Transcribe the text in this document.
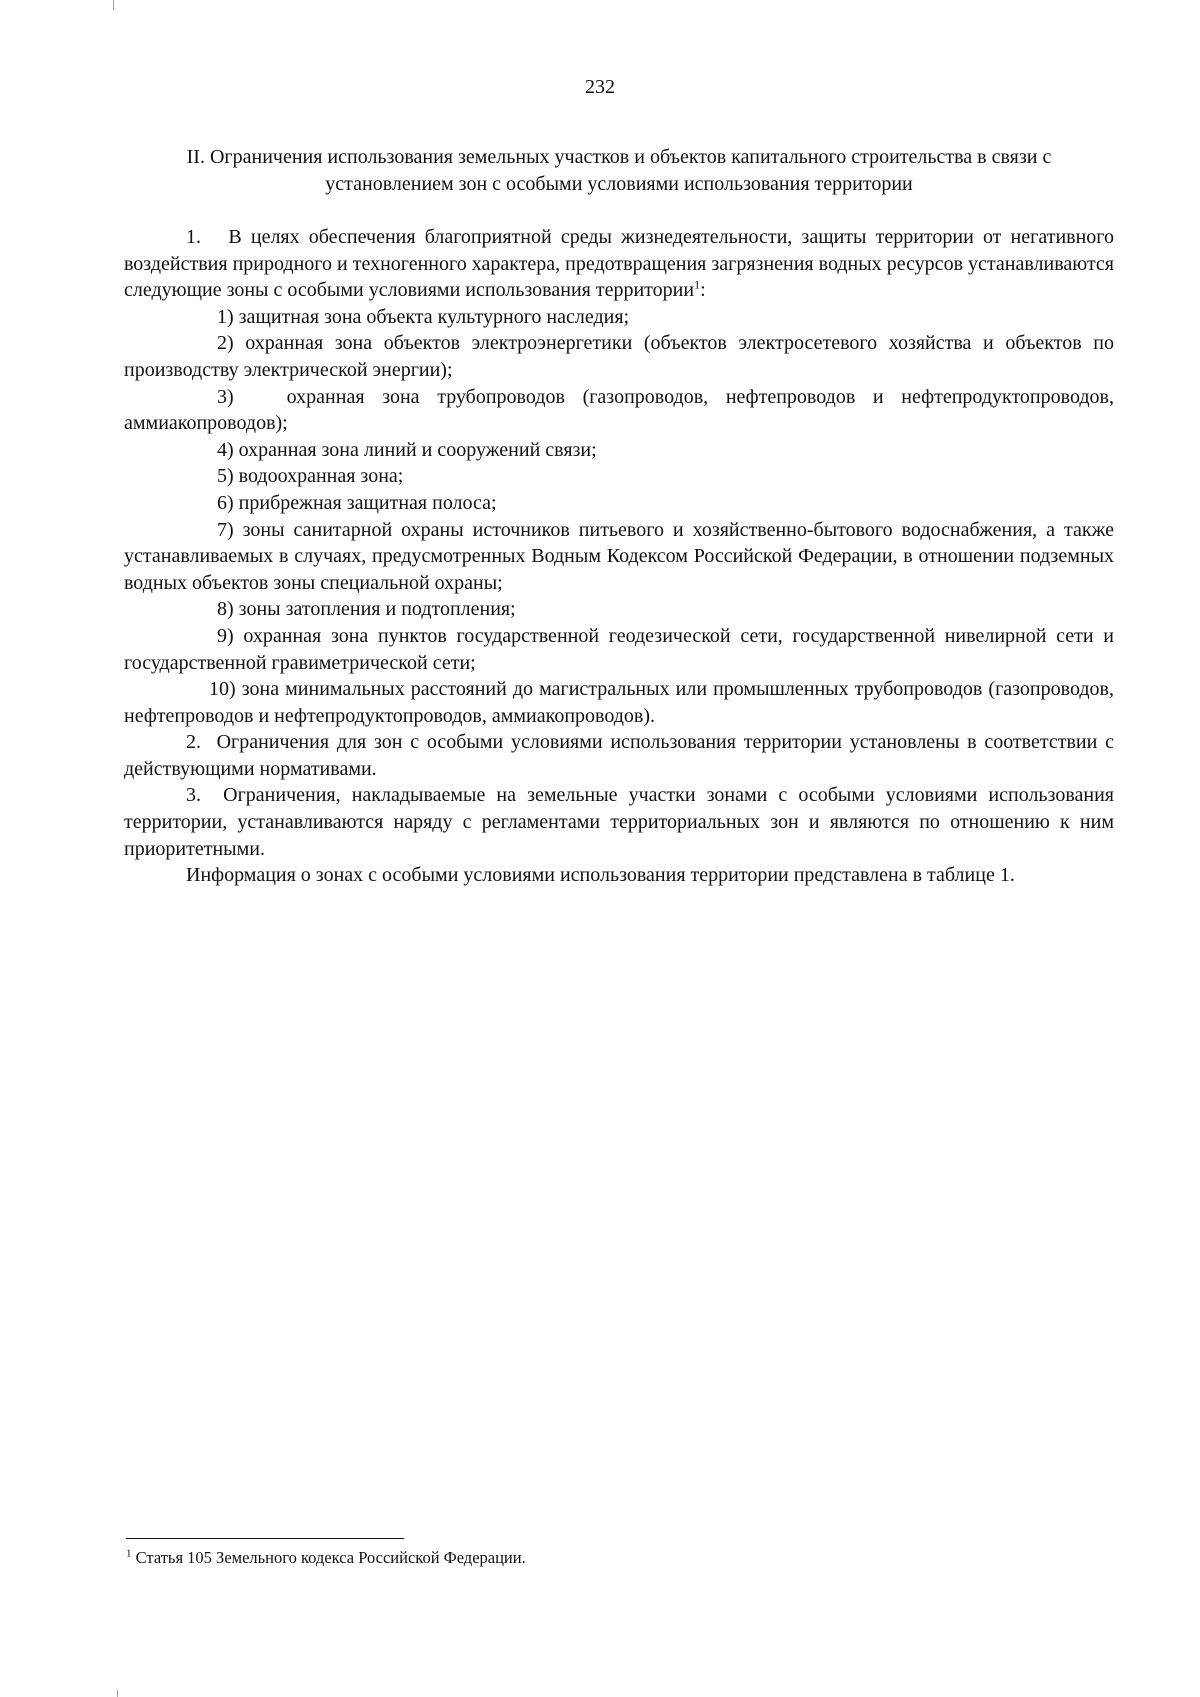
232
II. Ограничения использования земельных участков и объектов капитального строительства в связи с установлением зон с особыми условиями использования территории

1.   В целях обеспечения благоприятной среды жизнедеятельности, защиты территории от негативного воздействия природного и техногенного характера, предотвращения загрязнения водных ресурсов устанавливаются следующие зоны с особыми условиями использования территории$^1$:

1) защитная зона объекта культурного наследия;

2) охранная зона объектов электроэнергетики (объектов электросетевого хозяйства и объектов по производству электрической энергии);

3)   охранная зона трубопроводов (газопроводов, нефтепроводов и нефтепродуктопроводов, аммиакопроводов);

4) охранная зона линий и сооружений связи;

5) водоохранная зона;

6) прибрежная защитная полоса;

7) зоны санитарной охраны источников питьевого и хозяйственно-бытового водоснабжения, а также устанавливаемых в случаях, предусмотренных Водным Кодексом Российской Федерации, в отношении подземных водных объектов зоны специальной охраны;

8) зоны затопления и подтопления;

9) охранная зона пунктов государственной геодезической сети, государственной нивелирной сети и государственной гравиметрической сети;

10) зона минимальных расстояний до магистральных или промышленных трубопроводов (газопроводов, нефтепроводов и нефтепродуктопроводов, аммиакопроводов).

2.  Ограничения для зон с особыми условиями использования территории установлены в соответствии с действующими нормативами.

3.  Ограничения, накладываемые на земельные участки зонами с особыми условиями использования территории, устанавливаются наряду с регламентами территориальных зон и являются по отношению к ним приоритетными.

Информация о зонах с особыми условиями использования территории представлена в таблице 1.

$^1$ Статья 105 Земельного кодекса Российской Федерации.
